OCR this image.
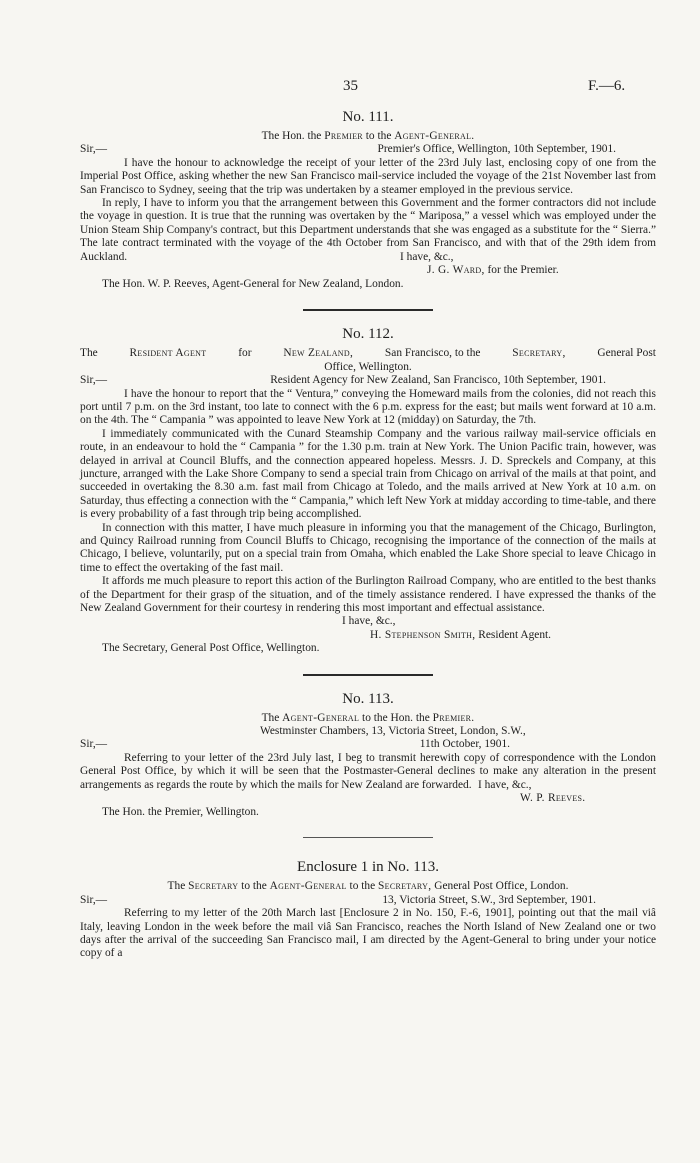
35	F.—6.
No. 111.
The Hon. the Premier to the Agent-General.
Sir,—	Premier's Office, Wellington, 10th September, 1901.

I have the honour to acknowledge the receipt of your letter of the 23rd July last, enclosing copy of one from the Imperial Post Office, asking whether the new San Francisco mail-service included the voyage of the 21st November last from San Francisco to Sydney, seeing that the trip was undertaken by a steamer employed in the previous service.

In reply, I have to inform you that the arrangement between this Government and the former contractors did not include the voyage in question. It is true that the running was overtaken by the “ Mariposa,” a vessel which was employed under the Union Steam Ship Company's contract, but this Department understands that she was engaged as a substitute for the “ Sierra.” The late contract terminated with the voyage of the 4th October from San Francisco, and with that of the 29th idem from Auckland.	I have, &c.,
J. G. Ward, for the Premier.
The Hon. W. P. Reeves, Agent-General for New Zealand, London.
No. 112.
The	Resident Agent	for	New Zealand,	San Francisco, to the	Secretary,	General Post
Office, Wellington.
Sir,—	Resident Agency for New Zealand, San Francisco, 10th September, 1901.

I have the honour to report that the “ Ventura,” conveying the Homeward mails from the colonies, did not reach this port until 7 p.m. on the 3rd instant, too late to connect with the 6 p.m. express for the east; but mails went forward at 10 a.m. on the 4th. The “ Campania ” was appointed to leave New York at 12 (midday) on Saturday, the 7th.

I immediately communicated with the Cunard Steamship Company and the various railway mail-service officials en route, in an endeavour to hold the “ Campania ” for the 1.30 p.m. train at New York. The Union Pacific train, however, was delayed in arrival at Council Bluffs, and the connection appeared hopeless. Messrs. J. D. Spreckels and Company, at this juncture, arranged with the Lake Shore Company to send a special train from Chicago on arrival of the mails at that point, and succeeded in overtaking the 8.30 a.m. fast mail from Chicago at Toledo, and the mails arrived at New York at 10 a.m. on Saturday, thus effecting a connection with the “ Campania,” which left New York at midday according to time-table, and there is every probability of a fast through trip being accomplished.

In connection with this matter, I have much pleasure in informing you that the management of the Chicago, Burlington, and Quincy Railroad running from Council Bluffs to Chicago, recognising the importance of the connection of the mails at Chicago, I believe, voluntarily, put on a special train from Omaha, which enabled the Lake Shore special to leave Chicago in time to effect the overtaking of the fast mail.

It affords me much pleasure to report this action of the Burlington Railroad Company, who are entitled to the best thanks of the Department for their grasp of the situation, and of the timely assistance rendered. I have expressed the thanks of the New Zealand Government for their courtesy in rendering this most important and effectual assistance.

I have, &c.,
H. Stephenson Smith, Resident Agent.
The Secretary, General Post Office, Wellington.
No. 113.
The Agent-General to the Hon. the Premier.
Westminster Chambers, 13, Victoria Street, London, S.W.,
Sir,—	11th October, 1901.

Referring to your letter of the 23rd July last, I beg to transmit herewith copy of correspondence with the London General Post Office, by which it will be seen that the Postmaster-General declines to make any alteration in the present arrangements as regards the route by which the mails for New Zealand are forwarded. I have, &c.,
W. P. Reeves.
The Hon. the Premier, Wellington.
Enclosure 1 in No. 113.
The Secretary to the Agent-General to the Secretary, General Post Office, London.
Sir,—	13, Victoria Street, S.W., 3rd September, 1901.

Referring to my letter of the 20th March last [Enclosure 2 in No. 150, F.-6, 1901], pointing out that the mail viâ Italy, leaving London in the week before the mail viâ San Francisco, reaches the North Island of New Zealand one or two days after the arrival of the succeeding San Francisco mail, I am directed by the Agent-General to bring under your notice copy of a
